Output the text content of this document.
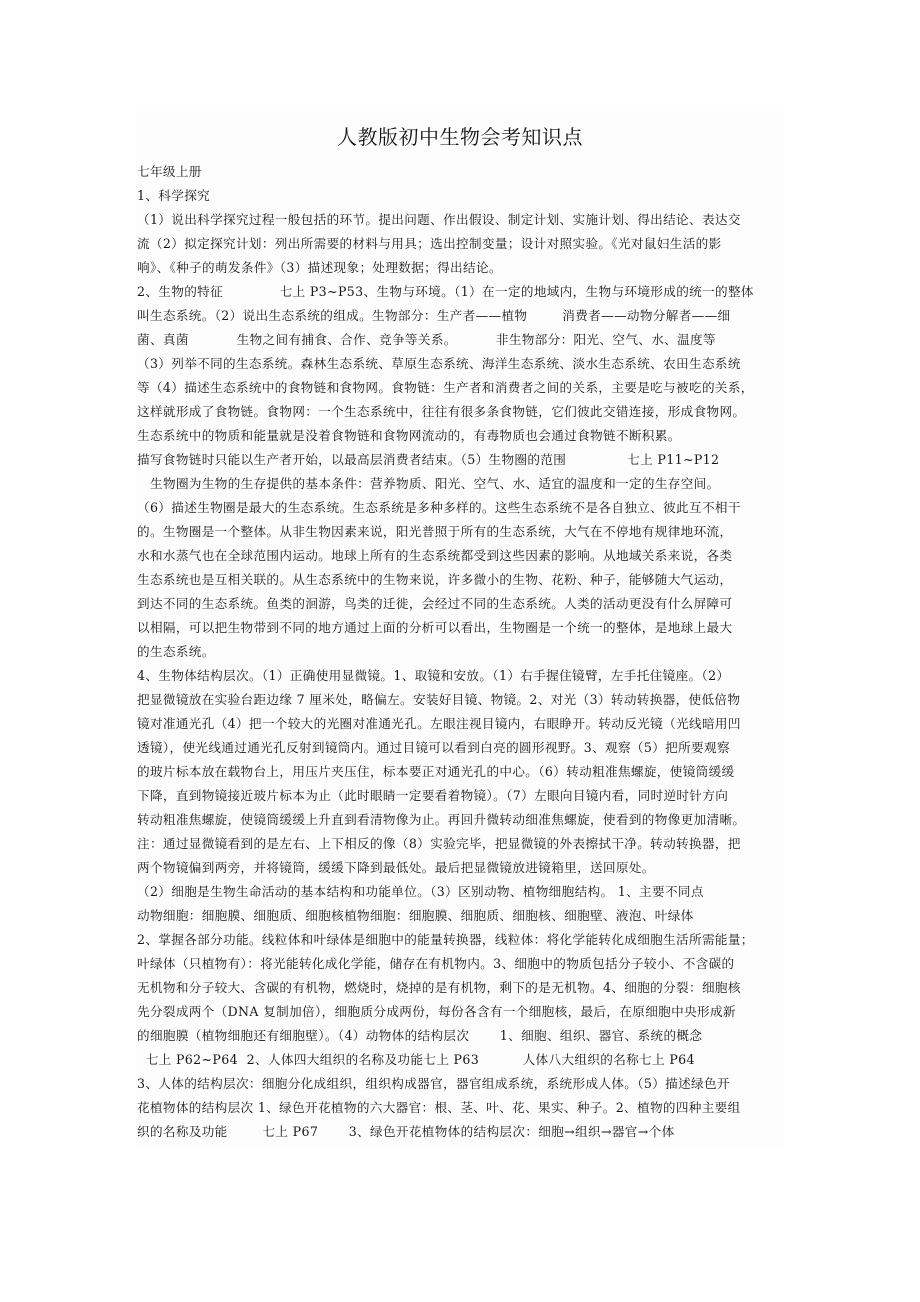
人教版初中生物会考知识点
七年级上册
1、科学探究
（1）说出科学探究过程一般包括的环节。提出问题、作出假设、制定计划、实施计划、得出结论、表达交
流（2）拟定探究计划：列出所需要的材料与用具；选出控制变量；设计对照实验。《光对鼠妇生活的影
响》、《种子的萌发条件》（3）描述现象；处理数据；得出结论。
2、生物的特征             七上 P3~P53、生物与环境。（1）在一定的地域内，生物与环境形成的统一的整体
叫生态系统。（2）说出生态系统的组成。生物部分：生产者——植物        消费者——动物分解者——细
菌、真菌           生物之间有捕食、合作、竞争等关系。         非生物部分：阳光、空气、水、温度等
（3）列举不同的生态系统。森林生态系统、草原生态系统、海洋生态系统、淡水生态系统、农田生态系统
等（4）描述生态系统中的食物链和食物网。食物链：生产者和消费者之间的关系，主要是吃与被吃的关系，
这样就形成了食物链。食物网：一个生态系统中，往往有很多条食物链，它们彼此交错连接，形成食物网。
生态系统中的物质和能量就是没着食物链和食物网流动的，有毒物质也会通过食物链不断积累。
描写食物链时只能以生产者开始，以最高层消费者结束。（5）生物圈的范围              七上 P11~P12
生物圈为生物的生存提供的基本条件：营养物质、阳光、空气、水、适宜的温度和一定的生存空间。
（6）描述生物圈是最大的生态系统。生态系统是多种多样的。这些生态系统不是各自独立、彼此互不相干
的。生物圈是一个整体。从非生物因素来说，阳光普照于所有的生态系统，大气在不停地有规律地环流，
水和水蒸气也在全球范围内运动。地球上所有的生态系统都受到这些因素的影响。从地域关系来说，各类
生态系统也是互相关联的。从生态系统中的生物来说，许多微小的生物、花粉、种子，能够随大气运动，
到达不同的生态系统。鱼类的洄游，鸟类的迁徙，会经过不同的生态系统。人类的活动更没有什么屏障可
以相隔，可以把生物带到不同的地方通过上面的分析可以看出，生物圈是一个统一的整体，是地球上最大
的生态系统。
4、生物体结构层次。（1）正确使用显微镜。1、取镜和安放。（1）右手握住镜臂，左手托住镜座。（2）
把显微镜放在实验台距边缘 7 厘米处，略偏左。安装好目镜、物镜。2、对光（3）转动转换器，使低倍物
镜对准通光孔（4）把一个较大的光圈对准通光孔。左眼注视目镜内，右眼睁开。转动反光镜（光线暗用凹
透镜），使光线通过通光孔反射到镜筒内。通过目镜可以看到白亮的圆形视野。3、观察（5）把所要观察
的玻片标本放在载物台上，用压片夹压住，标本要正对通光孔的中心。（6）转动粗准焦螺旋，使镜筒缓缓
下降，直到物镜接近玻片标本为止（此时眼睛一定要看着物镜）。（7）左眼向目镜内看，同时逆时针方向
转动粗准焦螺旋，使镜筒缓缓上升直到看清物像为止。再回升微转动细准焦螺旋，使看到的物像更加清晰。
注：通过显微镜看到的是左右、上下相反的像（8）实验完毕，把显微镜的外表擦拭干净。转动转换器，把
两个物镜偏到两旁，并将镜筒，缓缓下降到最低处。最后把显微镜放进镜箱里，送回原处。
（2）细胞是生物生命活动的基本结构和功能单位。（3）区别动物、植物细胞结构。 1、主要不同点
动物细胞：细胞膜、细胞质、细胞核植物细胞：细胞膜、细胞质、细胞核、细胞壁、液泡、叶绿体
2、掌握各部分功能。线粒体和叶绿体是细胞中的能量转换器，线粒体：将化学能转化成细胞生活所需能量；
叶绿体（只植物有）：将光能转化成化学能，储存在有机物内。3、细胞中的物质包括分子较小、不含碳的
无机物和分子较大、含碳的有机物，燃烧时，烧掉的是有机物，剩下的是无机物。4、细胞的分裂：细胞核
先分裂成两个（DNA 复制加倍），细胞质分成两份，每份各含有一个细胞核，最后，在原细胞中央形成新
的细胞膜（植物细胞还有细胞壁）。（4）动物体的结构层次       1、细胞、组织、器官、系统的概念
七上 P62~P64  2、人体四大组织的名称及功能七上 P63          人体八大组织的名称七上 P64
3、人体的结构层次：细胞分化成组织，组织构成器官，器官组成系统，系统形成人体。（5）描述绿色开
花植物体的结构层次 1、绿色开花植物的六大器官：根、茎、叶、花、果实、种子。2、植物的四种主要组
织的名称及功能        七上 P67       3、绿色开花植物体的结构层次：细胞→组织→器官→个体
